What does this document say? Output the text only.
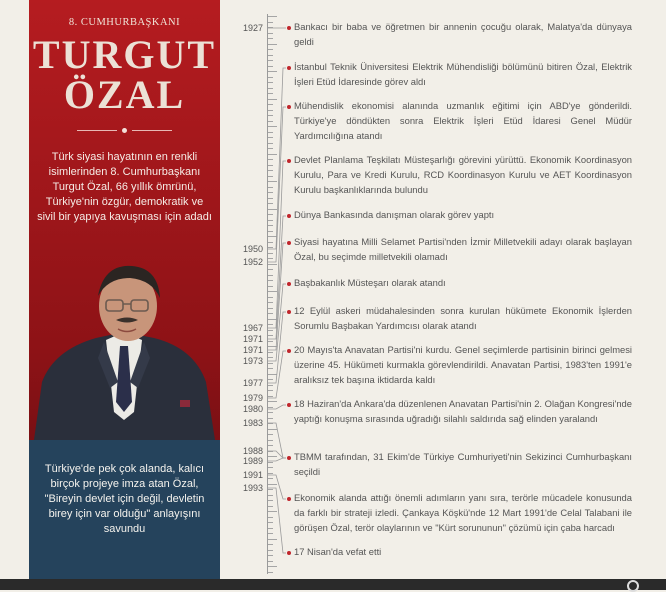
8. CUMHURBAŞKANI
TURGUT
ÖZAL
Türk siyasi hayatının en renkli isimlerinden 8. Cumhurbaşkanı Turgut Özal, 66 yıllık ömrünü, Türkiye'nin özgür, demokratik ve sivil bir yapıya kavuşması için adadı
Türkiye'de pek çok alanda, kalıcı birçok projeye imza atan Özal, "Bireyin devlet için değil, devletin birey için var olduğu" anlayışını savundu
1927
1950
1952
1967
1971
1971
1973
1977
1979
1980
1983
1988
1989
1991
1993
Bankacı bir baba ve öğretmen bir annenin çocuğu olarak, Malatya'da dünyaya geldi
İstanbul Teknik Üniversitesi Elektrik Mühendisliği bölümünü bitiren Özal, Elektrik İşleri Etüd İdaresinde görev aldı
Mühendislik ekonomisi alanında uzmanlık eğitimi için ABD'ye gönderildi. Türkiye'ye döndükten sonra Elektrik İşleri Etüd İdaresi Genel Müdür Yardımcılığına atandı
Devlet Planlama Teşkilatı Müsteşarlığı görevini yürüttü. Ekonomik Koordinasyon Kurulu, Para ve Kredi Kurulu, RCD Koordinasyon Kurulu ve AET Koordinasyon Kurulu başkanlıklarında bulundu
Dünya Bankasında danışman olarak görev yaptı
Siyasi hayatına Milli Selamet Partisi'nden İzmir Milletvekili adayı olarak başlayan Özal, bu seçimde milletvekili olamadı
Başbakanlık Müsteşarı olarak atandı
12 Eylül askeri müdahalesinden sonra kurulan hükümete Ekonomik İşlerden Sorumlu Başbakan Yardımcısı olarak atandı
20 Mayıs'ta Anavatan Partisi'ni kurdu. Genel seçimlerde partisinin birinci gelmesi üzerine 45. Hükümeti kurmakla görevlendirildi. Anavatan Partisi, 1983'ten 1991'e aralıksız tek başına iktidarda kaldı
18 Haziran'da Ankara'da düzenlenen Anavatan Partisi'nin 2. Olağan Kongresi'nde yaptığı konuşma sırasında uğradığı silahlı saldırıda sağ elinden yaralandı
TBMM tarafından, 31 Ekim'de Türkiye Cumhuriyeti'nin Sekizinci Cumhurbaşkanı seçildi
Ekonomik alanda attığı önemli adımların yanı sıra, terörle mücadele konusunda da farklı bir strateji izledi. Çankaya Köşkü'nde 12 Mart 1991'de Celal Talabani ile görüşen Özal, terör olaylarının ve "Kürt sorununun" çözümü için çaba harcadı
17 Nisan'da vefat etti
